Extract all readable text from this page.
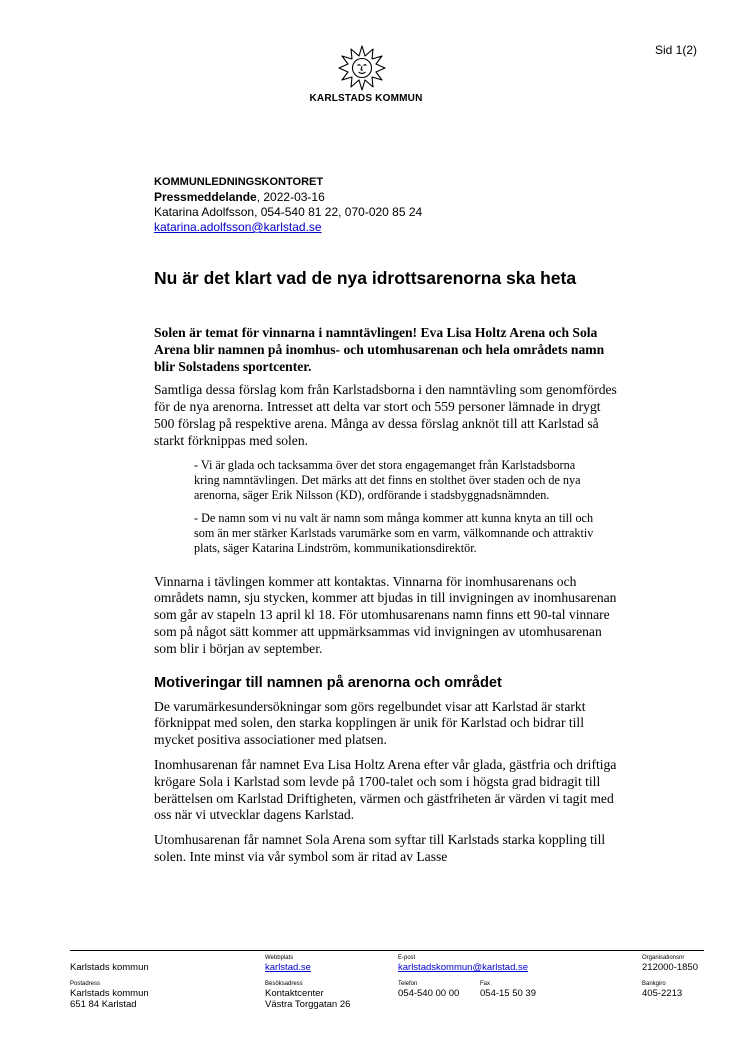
Sid 1(2)
KARLSTADS KOMMUN
KOMMUNLEDNINGSKONTORET
Pressmeddelande, 2022-03-16
Katarina Adolfsson, 054-540 81 22, 070-020 85 24
katarina.adolfsson@karlstad.se
Nu är det klart vad de nya idrottsarenorna ska heta

Solen är temat för vinnarna i namntävlingen! Eva Lisa Holtz Arena och Sola Arena blir namnen på inomhus- och utomhusarenan och hela områdets namn blir Solstadens sportcenter.

Samtliga dessa förslag kom från Karlstadsborna i den namntävling som genomfördes för de nya arenorna. Intresset att delta var stort och 559 personer lämnade in drygt 500 förslag på respektive arena. Många av dessa förslag anknöt till att Karlstad så starkt förknippas med solen.

- Vi är glada och tacksamma över det stora engagemanget från Karlstadsborna kring namntävlingen. Det märks att det finns en stolthet över staden och de nya arenorna, säger Erik Nilsson (KD), ordförande i stadsbyggnadsnämnden.
- De namn som vi nu valt är namn som många kommer att kunna knyta an till och som än mer stärker Karlstads varumärke som en varm, välkomnande och attraktiv plats, säger Katarina Lindström, kommunikationsdirektör.

Vinnarna i tävlingen kommer att kontaktas. Vinnarna för inomhusarenans och områdets namn, sju stycken, kommer att bjudas in till invigningen av inomhusarenan som går av stapeln 13 april kl 18. För utomhusarenans namn finns ett 90-tal vinnare som på något sätt kommer att uppmärksammas vid invigningen av utomhusarenan som blir i början av september.

Motiveringar till namnen på arenorna och området

De varumärkesundersökningar som görs regelbundet visar att Karlstad är starkt förknippat med solen, den starka kopplingen är unik för Karlstad och bidrar till mycket positiva associationer med platsen.

Inomhusarenan får namnet Eva Lisa Holtz Arena efter vår glada, gästfria och driftiga krögare Sola i Karlstad som levde på 1700-talet och som i högsta grad bidragit till berättelsen om Karlstad Driftigheten, värmen och gästfriheten är värden vi tagit med oss när vi utvecklar dagens Karlstad.

Utomhusarenan får namnet Sola Arena som syftar till Karlstads starka koppling till solen. Inte minst via vår symbol som är ritad av Lasse

Karlstads kommun
Webbplats
karlstad.se
E-post
karlstadskommun@karlstad.se
Organisationsnr
212000-1850
Postadress
Karlstads kommun
651 84 Karlstad
Besöksadress
Kontaktcenter
Västra Torggatan 26
Telefon
054-540 00 00
Fax
054-15 50 39
Bankgiro
405-2213
